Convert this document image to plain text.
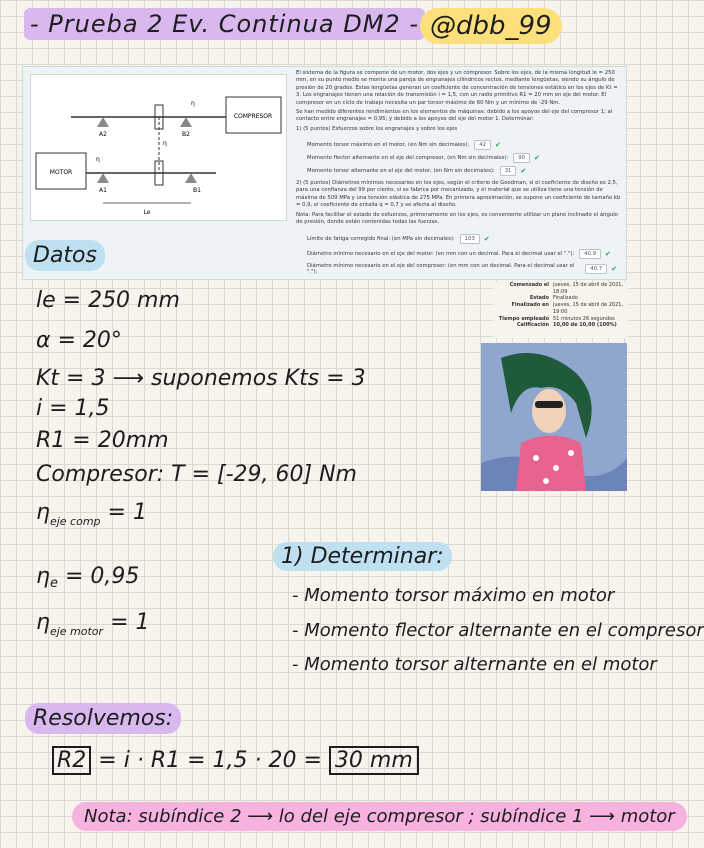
- Prueba 2 Ev. Continua DM2 - @dbb_99
COMPRESOR
MOTOR
A2	B2
A1	B1
η
η
η
Le

El sistema de la figura se compone de un motor, dos ejes y un compresor. Sobre los ejes, de la misma longitud le = 250 mm, en su punto medio se monta una pareja de engranajes cilíndricos rectos, mediante lengüetas, siendo su ángulo de presión de 20 grados. Estas lengüetas generan un coeficiente de concentración de tensiones estático en los ejes de Kt = 3. Los engranajes tienen una relación de transmisión i = 1,5, con un radio primitivo R1 = 20 mm en eje del motor. El compresor en un ciclo de trabajo necesita un par torsor máximo de 60 Nm y un mínimo de -29 Nm.

Se han medido diferentes rendimientos en los elementos de máquinas: debido a los apoyos del eje del compresor 1; al contacto entre engranajes = 0,95; y debido a los apoyos del eje del motor 1. Determinar:

1) (5 puntos) Esfuerzos sobre los engranajes y sobre los ejes

Momento torsor máximo en el motor, (en Nm sin decimales):	42	✔
Momento flector alternante en el eje del compresor, (en Nm sin decimales):	90	✔
Momento torsor alternante en el eje del motor, (en Nm sin decimales):	31	✔

2) (5 puntos) Diámetros mínimos necesarios en los ejes, según el criterio de Goodman, si el coeficiente de diseño es 2,5, para una confianza del 99 por ciento, si se fabrica por mecanizado, y el material que se utiliza tiene una tensión de máxima de 509 MPa y una tensión elástica de 275 MPa. En primera aproximación, se supone un coeficiente de tamaño kb = 0,9, el coeficiente de entalla q = 0,7 y se afecta al diseño.

Nota: Para facilitar el estado de esfuerzos, primeramente en los ejes, es conveniente utilizar un plano inclinado el ángulo de presión, donde están contenidas todas las fuerzas.

Límite de fatiga corregido final: (en MPa sin decimales):	103	✔
Diámetro mínimo necesario en el eje del motor: (en mm con un decimal. Para el decimal usar el "."):	40.9	✔
Diámetro mínimo necesario en el eje del compresor: (en mm con un decimal. Para el decimal usar el "."):	40.7	✔
Comenzado el jueves, 15 de abril de 2021, 18:09
Estado Finalizado
Finalizado en jueves, 15 de abril de 2021, 19:00
Tiempo empleado 51 minutos 26 segundos
Calificación 10,00 de 10,00 (100%)
Datos
le = 250 mm
α = 20°
Kt = 3 ⟶ suponemos Kts = 3
i = 1,5
R1 = 20mm
Compresor: T = [-29, 60] Nm
$\eta_{eje comp} = 1$
$\eta_e = 0,95$
$\eta_{eje motor} = 1$
1) Determinar:
- Momento torsor máximo en motor
- Momento flector alternante en el compresor
- Momento torsor alternante en el motor
Resolvemos:
R2 = i · R1 = 1,5 · 20 = 30 mm
Nota: subíndice 2 ⟶ lo del eje compresor ; subíndice 1 ⟶ motor
